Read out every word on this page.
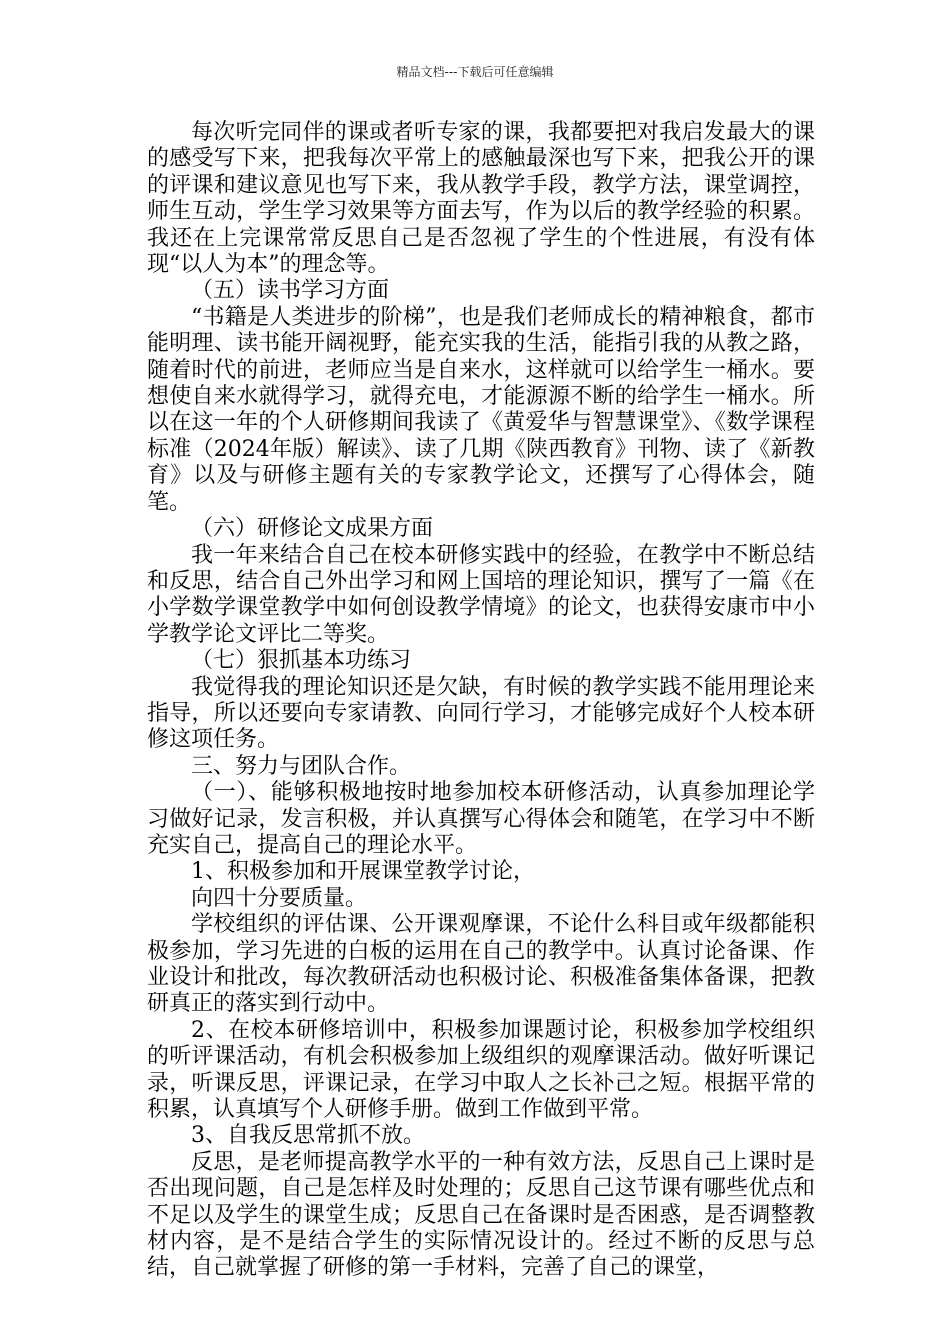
精品文档---下载后可任意编辑

每次听完同伴的课或者听专家的课，我都要把对我启发最大的课的感受写下来，把我每次平常上的感触最深也写下来，把我公开的课的评课和建议意见也写下来，我从教学手段，教学方法，课堂调控，师生互动，学生学习效果等方面去写，作为以后的教学经验的积累。我还在上完课常常反思自己是否忽视了学生的个性进展，有没有体现“以人为本”的理念等。

（五）读书学习方面

“书籍是人类进步的阶梯”，也是我们老师成长的精神粮食，都市能明理、读书能开阔视野，能充实我的生活，能指引我的从教之路，随着时代的前进，老师应当是自来水，这样就可以给学生一桶水。要想使自来水就得学习，就得充电，才能源源不断的给学生一桶水。所以在这一年的个人研修期间我读了《黄爱华与智慧课堂》、《数学课程标准（2024年版）解读》、读了几期《陕西教育》刊物、读了《新教育》以及与研修主题有关的专家教学论文，还撰写了心得体会，随笔。

（六）研修论文成果方面

我一年来结合自己在校本研修实践中的经验，在教学中不断总结和反思，结合自己外出学习和网上国培的理论知识，撰写了一篇《在小学数学课堂教学中如何创设教学情境》的论文，也获得安康市中小学教学论文评比二等奖。

（七）狠抓基本功练习

我觉得我的理论知识还是欠缺，有时候的教学实践不能用理论来指导，所以还要向专家请教、向同行学习，才能够完成好个人校本研修这项任务。

三、努力与团队合作。

（一）、能够积极地按时地参加校本研修活动，认真参加理论学习做好记录，发言积极，并认真撰写心得体会和随笔，在学习中不断充实自己，提高自己的理论水平。

1、积极参加和开展课堂教学讨论，

向四十分要质量。

学校组织的评估课、公开课观摩课，不论什么科目或年级都能积极参加，学习先进的白板的运用在自己的教学中。认真讨论备课、作业设计和批改，每次教研活动也积极讨论、积极准备集体备课，把教研真正的落实到行动中。

2、在校本研修培训中，积极参加课题讨论，积极参加学校组织的听评课活动，有机会积极参加上级组织的观摩课活动。做好听课记录，听课反思，评课记录，在学习中取人之长补己之短。根据平常的积累，认真填写个人研修手册。做到工作做到平常。

3、自我反思常抓不放。

反思，是老师提高教学水平的一种有效方法，反思自己上课时是否出现问题，自己是怎样及时处理的；反思自己这节课有哪些优点和不足以及学生的课堂生成；反思自己在备课时是否困惑，是否调整教材内容，是不是结合学生的实际情况设计的。经过不断的反思与总结，自己就掌握了研修的第一手材料，完善了自己的课堂，
